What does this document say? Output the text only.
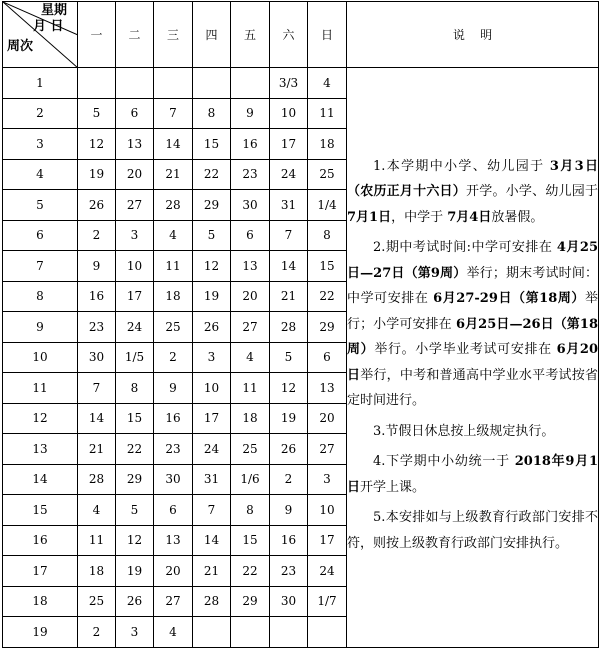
星期
月 日
周次	一	二	三	四	五	六	日	说    明
1						3/3	4	1.本学期中小学、幼儿园于 3月3日（农历正月十六日）开学。小学、幼儿园于 7月1日，中学于 7月4日放暑假。

2.期中考试时间:中学可安排在 4月25日—27日（第9周）举行；期末考试时间：中学可安排在 6月27-29日（第18周）举行；小学可安排在 6月25日—26日（第18周）举行。小学毕业考试可安排在 6月20日举行，中考和普通高中学业水平考试按省定时间进行。

3.节假日休息按上级规定执行。

4.下学期中小幼统一于 2018年9月1日开学上课。

5.本安排如与上级教育行政部门安排不符，则按上级教育行政部门安排执行。

2	5	6	7	8	9	10	11	
3	12	13	14	15	16	17	18	
4	19	20	21	22	23	24	25	
5	26	27	28	29	30	31	1/4	
6	2	3	4	5	6	7	8	
7	9	10	11	12	13	14	15	
8	16	17	18	19	20	21	22	
9	23	24	25	26	27	28	29	
10	30	1/5	2	3	4	5	6	
11	7	8	9	10	11	12	13	
12	14	15	16	17	18	19	20	
13	21	22	23	24	25	26	27	
14	28	29	30	31	1/6	2	3	
15	4	5	6	7	8	9	10	
16	11	12	13	14	15	16	17	
17	18	19	20	21	22	23	24	
18	25	26	27	28	29	30	1/7	
19	2	3	4					
